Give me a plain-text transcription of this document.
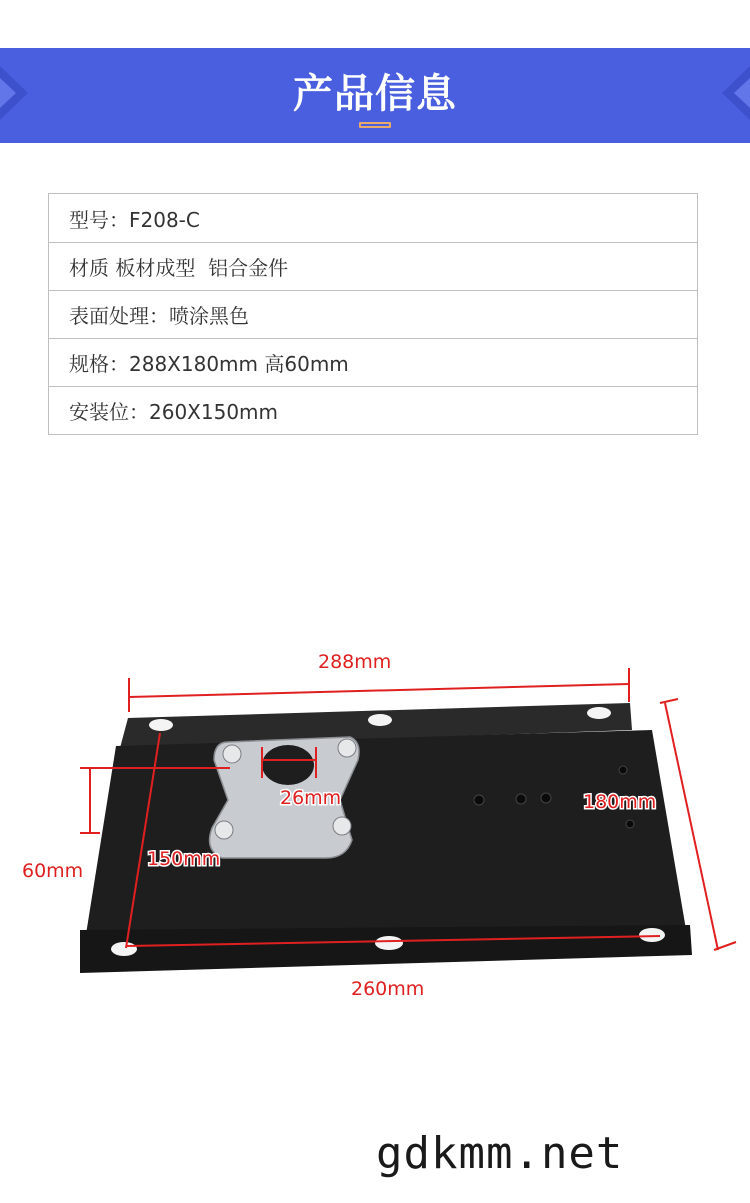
产品信息
型号：F208-C
材质 板材成型  铝合金件
表面处理：喷涂黑色
规格：288X180mm 高60mm
安装位：260X150mm
288mm
180mm
60mm
150mm
26mm
260mm
gdkmm.net
